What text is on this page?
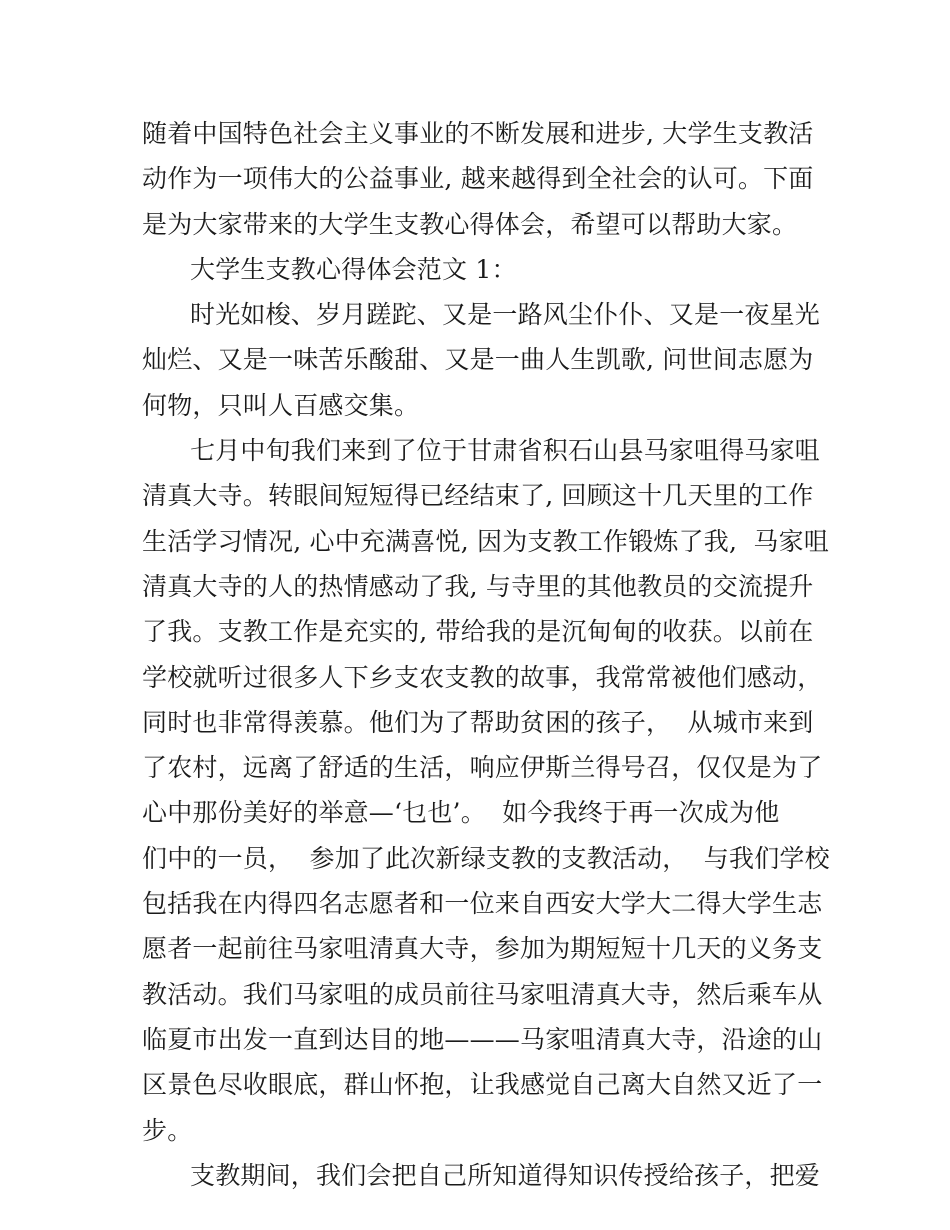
随着中国特色社会主义事业的不断发展和进步, 大学生支教活
动作为一项伟大的公益事业, 越来越得到全社会的认可。下面
是为大家带来的大学生支教心得体会，希望可以帮助大家。
大学生支教心得体会范文 1：
时光如梭、岁月蹉跎、又是一路风尘仆仆、又是一夜星光
灿烂、又是一味苦乐酸甜、又是一曲人生凯歌, 问世间志愿为
何物，只叫人百感交集。
七月中旬我们来到了位于甘肃省积石山县马家咀得马家咀
清真大寺。转眼间短短得已经结束了, 回顾这十几天里的工作
生活学习情况, 心中充满喜悦, 因为支教工作锻炼了我,  马家咀
清真大寺的人的热情感动了我, 与寺里的其他教员的交流提升
了我。支教工作是充实的, 带给我的是沉甸甸的收获。以前在
学校就听过很多人下乡支农支教的故事，我常常被他们感动，
同时也非常得羡慕。他们为了帮助贫困的孩子，  从城市来到
了农村，远离了舒适的生活，响应伊斯兰得号召，仅仅是为了
心中那份美好的举意—‘乜也’。  如今我终于再一次成为他
们中的一员，  参加了此次新绿支教的支教活动，  与我们学校
包括我在内得四名志愿者和一位来自西安大学大二得大学生志
愿者一起前往马家咀清真大寺，参加为期短短十几天的义务支
教活动。我们马家咀的成员前往马家咀清真大寺，然后乘车从
临夏市出发一直到达目的地———马家咀清真大寺，沿途的山
区景色尽收眼底，群山怀抱，让我感觉自己离大自然又近了一
步。
支教期间，我们会把自己所知道得知识传授给孩子，把爱
